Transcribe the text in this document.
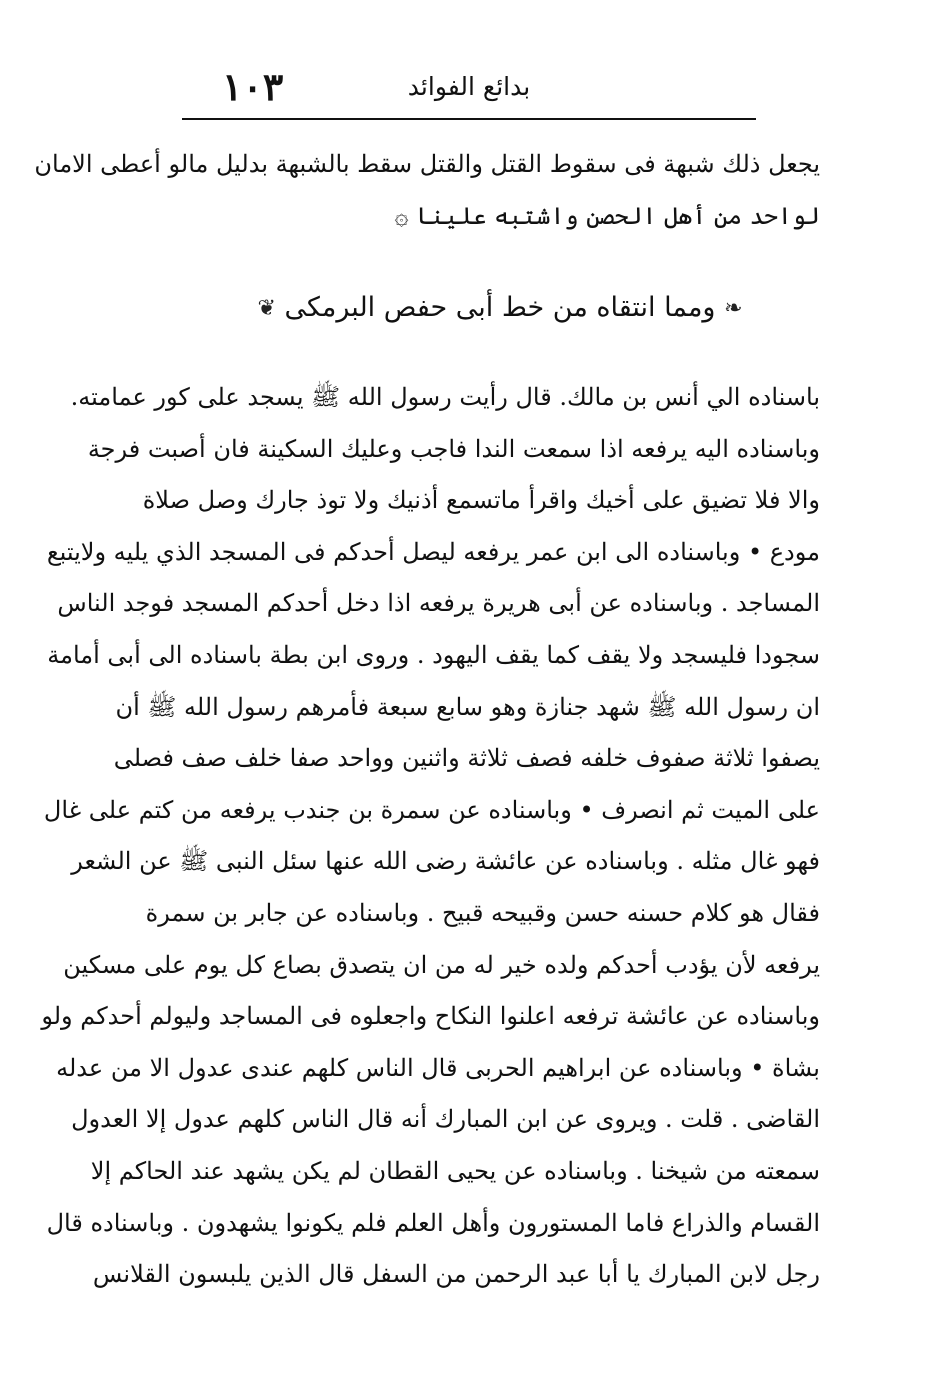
١٠٣	بدائع الفوائد
يجعل ذلك شبهة فى سقوط القتل والقتل سقط بالشبهة بدليل مالو أعطى الامان
لواحد من أهل الحصن واشتبه علينا ۞
❧ ومما انتقاه من خط أبى حفص البرمكى ❦
باسناده الي أنس بن مالك. قال رأيت رسول الله ﷺ يسجد على كور عمامته.
وباسناده اليه يرفعه اذا سمعت الندا فاجب وعليك السكينة فان أصبت فرجة
والا فلا تضيق على أخيك واقرأ ماتسمع أذنيك ولا توذ جارك وصل صلاة
مودع • وباسناده الى ابن عمر يرفعه ليصل أحدكم فى المسجد الذي يليه ولايتبع
المساجد . وباسناده عن أبى هريرة يرفعه اذا دخل أحدكم المسجد فوجد الناس
سجودا فليسجد ولا يقف كما يقف اليهود . وروى ابن بطة باسناده الى أبى أمامة
ان رسول الله ﷺ شهد جنازة وهو سابع سبعة فأمرهم رسول الله ﷺ أن
يصفوا ثلاثة صفوف خلفه فصف ثلاثة واثنين وواحد صفا خلف صف فصلى
على الميت ثم انصرف • وباسناده عن سمرة بن جندب يرفعه من كتم على غال
فهو غال مثله . وباسناده عن عائشة رضى الله عنها سئل النبى ﷺ عن الشعر
فقال هو كلام حسنه حسن وقبيحه قبيح . وباسناده عن جابر بن سمرة
يرفعه لأن يؤدب أحدكم ولده خير له من ان يتصدق بصاع كل يوم على مسكين
وباسناده عن عائشة ترفعه اعلنوا النكاح واجعلوه فى المساجد وليولم أحدكم ولو
بشاة • وباسناده عن ابراهيم الحربى قال الناس كلهم عندى عدول الا من عدله
القاضى . قلت . ويروى عن ابن المبارك أنه قال الناس كلهم عدول إلا العدول
سمعته من شيخنا . وباسناده عن يحيى القطان لم يكن يشهد عند الحاكم إلا
القسام والذراع فاما المستورون وأهل العلم فلم يكونوا يشهدون . وباسناده قال
رجل لابن المبارك يا أبا عبد الرحمن من السفل قال الذين يلبسون القلانس
